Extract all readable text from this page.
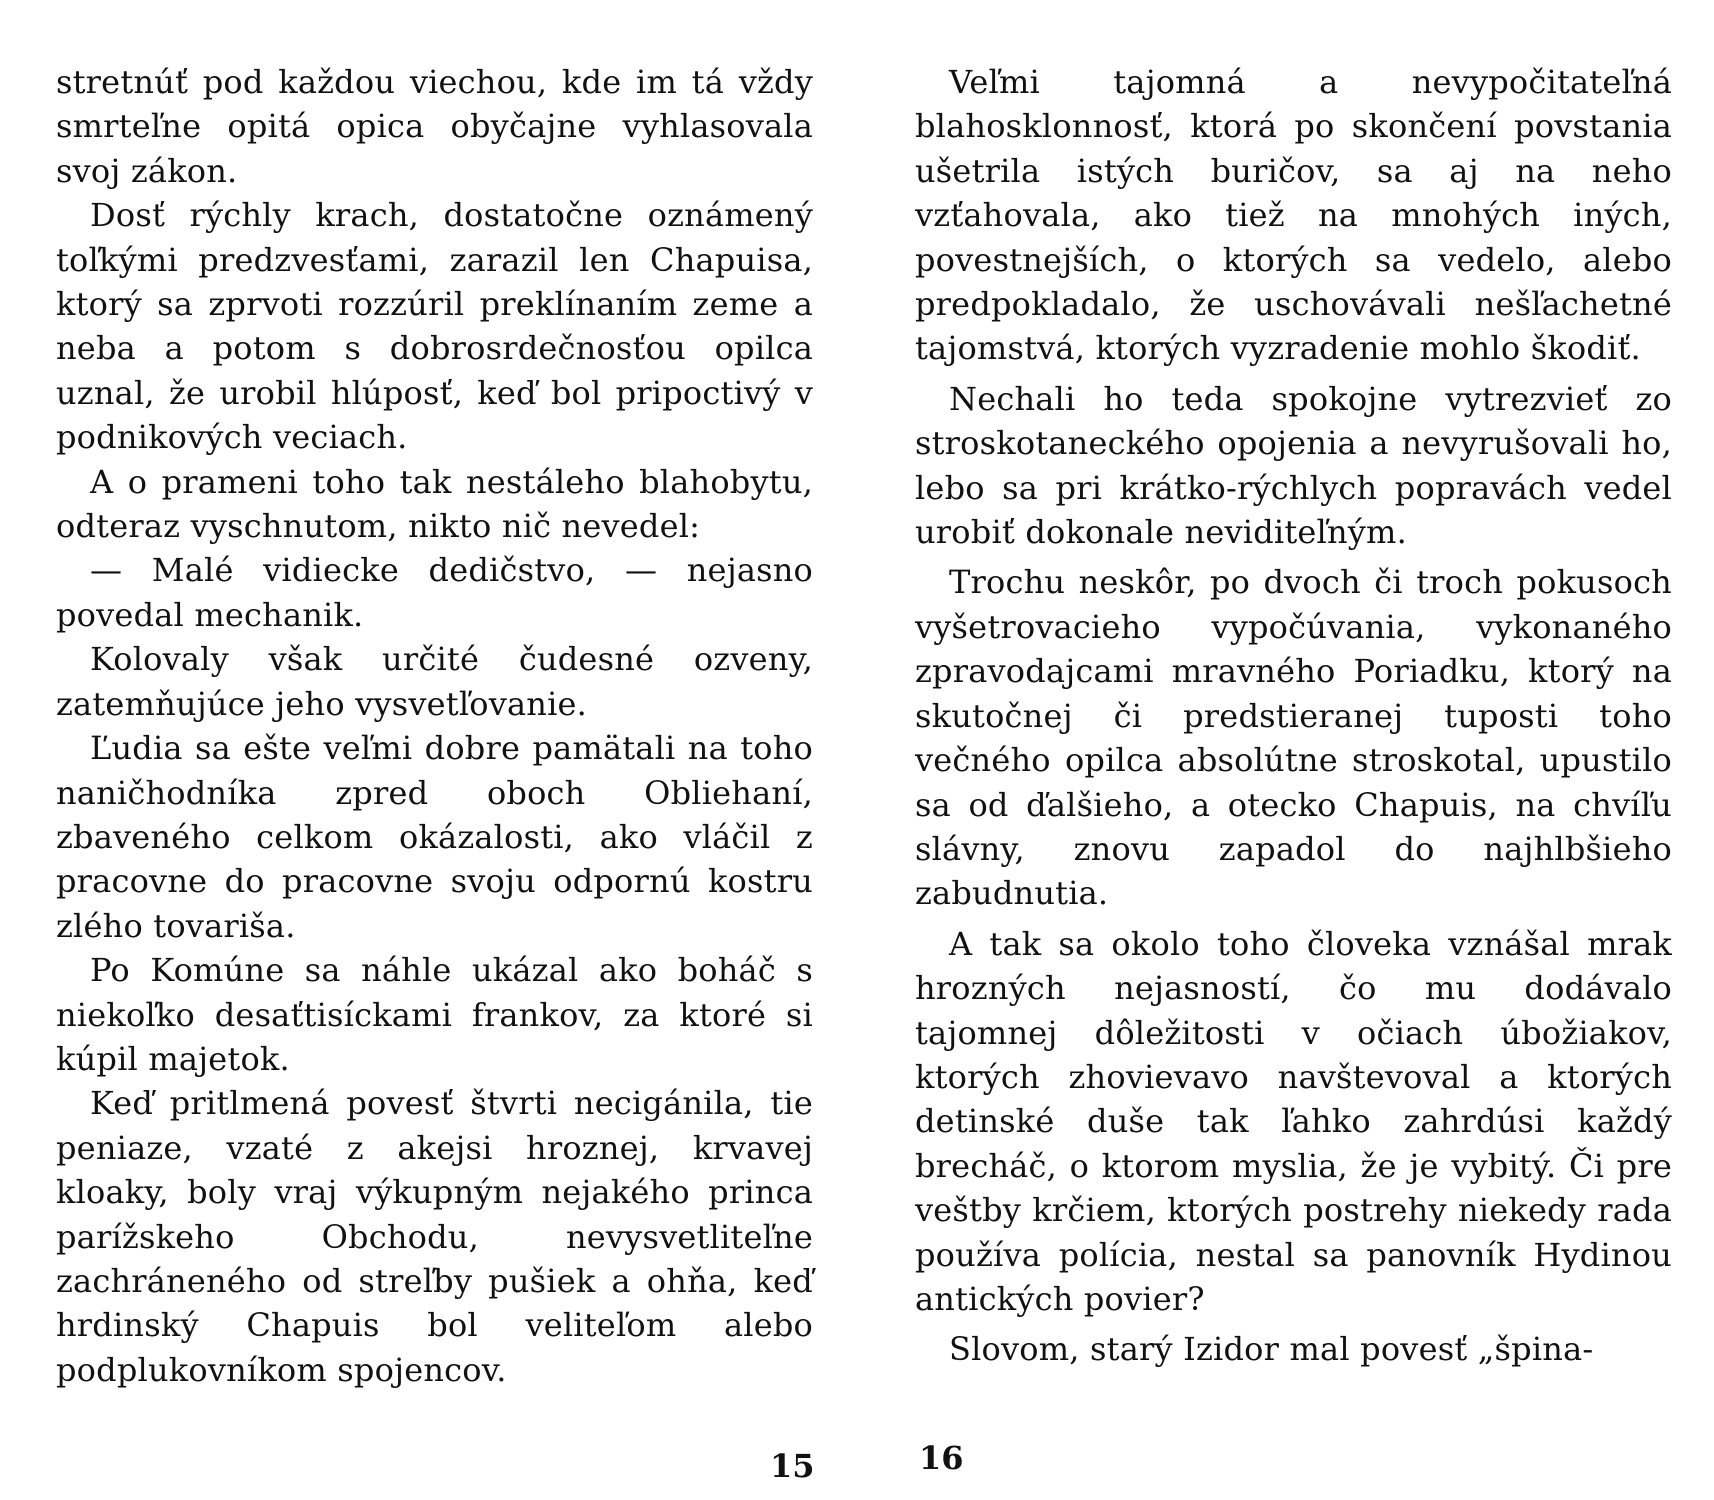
stretnúť pod každou viechou, kde im tá vždy smrteľne opitá opica obyčajne vyhlasovala svoj zákon.

Dosť rýchly krach, dostatočne oznámený toľkými predzvesťami, zarazil len Chapuisa, ktorý sa zprvoti rozzúril preklínaním zeme a neba a potom s dobrosrdečnosťou opilca uznal, že urobil hlúposť, keď bol pripoctivý v podnikových veciach.

A o prameni toho tak nestáleho blahobytu, odteraz vyschnutom, nikto nič nevedel:

— Malé vidiecke dedičstvo, — nejasno povedal mechanik.

Kolovaly však určité čudesné ozveny, zatemňujúce jeho vysvetľovanie.

Ľudia sa ešte veľmi dobre pamätali na toho naničhodníka zpred oboch Obliehaní, zbaveného celkom okázalosti, ako vláčil z pracovne do pracovne svoju odpornú kostru zlého tovariša.

Po Komúne sa náhle ukázal ako boháč s niekoľko desaťtisíckami frankov, za ktoré si kúpil majetok.

Keď pritlmená povesť štvrti necigánila, tie peniaze, vzaté z akejsi hroznej, krvavej kloaky, boly vraj výkupným nejakého princa parížskeho Obchodu, nevysvetliteľne zachráneného od streľby pušiek a ohňa, keď hrdinský Chapuis bol veliteľom alebo podplukovníkom spojencov.

15

Veľmi tajomná a nevypočitateľná blahosklonnosť, ktorá po skončení povstania ušetrila istých buričov, sa aj na neho vzťahovala, ako tiež na mnohých iných, povestnejších, o ktorých sa vedelo, alebo predpokladalo, že uschovávali nešľachetné tajomstvá, ktorých vyzradenie mohlo škodiť.

Nechali ho teda spokojne vytrezvieť zo stroskotaneckého opojenia a nevyrušovali ho, lebo sa pri krátko-rýchlych popravách vedel urobiť dokonale neviditeľným.

Trochu neskôr, po dvoch či troch pokusoch vyšetrovacieho vypočúvania, vykonaného zpravodajcami mravného Poriadku, ktorý na skutočnej či predstieranej tuposti toho večného opilca absolútne stroskotal, upustilo sa od ďalšieho, a otecko Chapuis, na chvíľu slávny, znovu zapadol do najhlbšieho zabudnutia.

A tak sa okolo toho človeka vznášal mrak hrozných nejasností, čo mu dodávalo tajomnej dôležitosti v očiach úbožiakov, ktorých zhovievavo navštevoval a ktorých detinské duše tak ľahko zahrdúsi každý brecháč, o ktorom myslia, že je vybitý. Či pre veštby krčiem, ktorých postrehy niekedy rada používa polícia, nestal sa panovník Hydinou antických povier?

Slovom, starý Izidor mal povesť „špina-

16
